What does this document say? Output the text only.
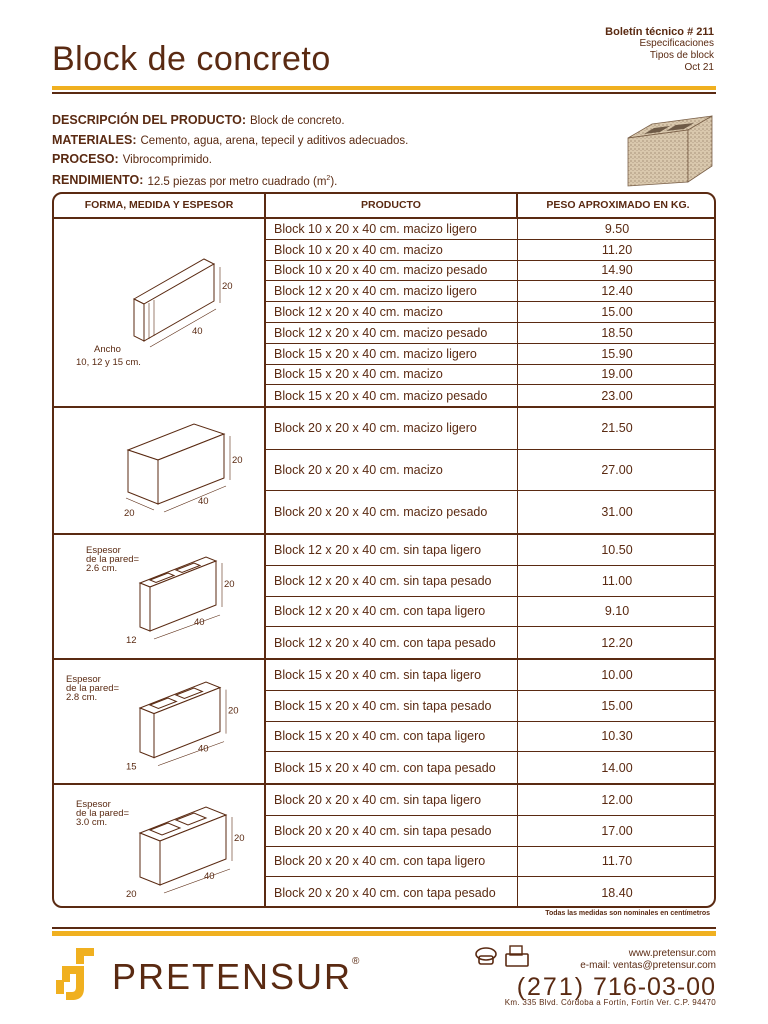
Block de concreto
Boletín técnico # 211
Especificaciones
Tipos de block
Oct 21
DESCRIPCIÓN DEL PRODUCTO: Block de concreto.
MATERIALES: Cemento, agua, arena, tepecil y aditivos adecuados.
PROCESO: Vibrocomprimido.
RENDIMIENTO: 12.5 piezas por metro cuadrado $(m^2)$.
FORMA, MEDIDA Y ESPESOR	PRODUCTO	PESO APROXIMADO EN KG.
20
40
Ancho
10, 12 y 15 cm.
Block 10 x 20 x 40 cm. macizo ligero	9.50
Block 10 x 20 x 40 cm. macizo	11.20
Block 10 x 20 x 40 cm. macizo pesado	14.90
Block 12 x 20 x 40 cm. macizo ligero	12.40
Block 12 x 20 x 40 cm. macizo	15.00
Block 12 x 20 x 40 cm. macizo pesado	18.50
Block 15 x 20 x 40 cm. macizo ligero	15.90
Block 15 x 20 x 40 cm. macizo	19.00
Block 15 x 20 x 40 cm. macizo pesado	23.00
20
40
20
Block 20 x 20 x 40 cm. macizo ligero	21.50
Block 20 x 20 x 40 cm. macizo	27.00
Block 20 x 20 x 40 cm. macizo pesado	31.00
20
40
12
Espesor
de la pared=
2.6 cm.
Block 12 x 20 x 40 cm. sin tapa ligero	10.50
Block 12 x 20 x 40 cm. sin tapa pesado	11.00
Block 12 x 20 x 40 cm. con tapa ligero	9.10
Block 12 x 20 x 40 cm. con tapa pesado	12.20
20
40
15
Espesor
de la pared=
2.8 cm.
Block 15 x 20 x 40 cm. sin tapa ligero	10.00
Block 15 x 20 x 40 cm. sin tapa pesado	15.00
Block 15 x 20 x 40 cm. con tapa ligero	10.30
Block 15 x 20 x 40 cm. con tapa pesado	14.00
20
40
20
Espesor
de la pared=
3.0 cm.
Block 20 x 20 x 40 cm. sin tapa ligero	12.00
Block 20 x 20 x 40 cm. sin tapa pesado	17.00
Block 20 x 20 x 40 cm. con tapa ligero	11.70
Block 20 x 20 x 40 cm. con tapa pesado	18.40
Todas las medidas son nominales en centímetros
PRETENSUR®
www.pretensur.com
e-mail: ventas@pretensur.com
(271) 716-03-00
Km. 335 Blvd. Córdoba a Fortín, Fortín Ver. C.P. 94470
